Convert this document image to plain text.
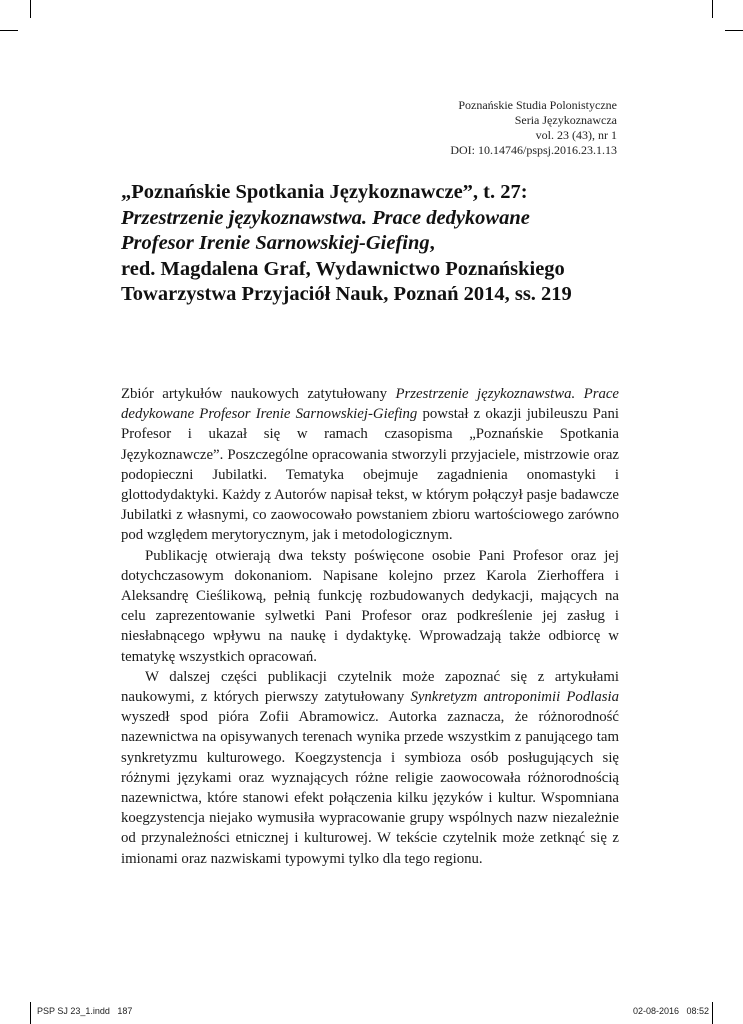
Poznańskie Studia Polonistyczne
Seria Językoznawcza
vol. 23 (43), nr 1
DOI: 10.14746/pspsj.2016.23.1.13
„Poznańskie Spotkania Językoznawcze”, t. 27:
Przestrzenie językoznawstwa. Prace dedykowane
Profesor Irenie Sarnowskiej-Giefing,
red. Magdalena Graf, Wydawnictwo Poznańskiego
Towarzystwa Przyjaciół Nauk, Poznań 2014, ss. 219

Zbiór artykułów naukowych zatytułowany Przestrzenie językoznawstwa. Prace dedykowane Profesor Irenie Sarnowskiej-Giefing powstał z okazji jubileuszu Pani Profesor i ukazał się w ramach czasopisma „Poznańskie Spotkania Językoznawcze”. Poszczególne opracowania stworzyli przyjaciele, mistrzowie oraz podopieczni Jubilatki. Tematyka obejmuje zagadnienia onomastyki i glottodydaktyki. Każdy z Autorów napisał tekst, w którym połączył pasje badawcze Jubilatki z własnymi, co zaowocowało powstaniem zbioru wartościowego zarówno pod względem merytorycznym, jak i metodologicznym.

Publikację otwierają dwa teksty poświęcone osobie Pani Profesor oraz jej dotychczasowym dokonaniom. Napisane kolejno przez Karola Zierhoffera i Aleksandrę Cieślikową, pełnią funkcję rozbudowanych dedykacji, mających na celu zaprezentowanie sylwetki Pani Profesor oraz podkreślenie jej zasług i niesłabnącego wpływu na naukę i dydaktykę. Wprowadzają także odbiorcę w tematykę wszystkich opracowań.

W dalszej części publikacji czytelnik może zapoznać się z artykułami naukowymi, z których pierwszy zatytułowany Synkretyzm antroponimii Podlasia wyszedł spod pióra Zofii Abramowicz. Autorka zaznacza, że różnorodność nazewnictwa na opisywanych terenach wynika przede wszystkim z panującego tam synkretyzmu kulturowego. Koegzystencja i symbioza osób posługujących się różnymi językami oraz wyznających różne religie zaowocowała różnorodnością nazewnictwa, które stanowi efekt połączenia kilku języków i kultur. Wspomniana koegzystencja niejako wymusiła wypracowanie grupy wspólnych nazw niezależnie od przynależności etnicznej i kulturowej. W tekście czytelnik może zetknąć się z imionami oraz nazwiskami typowymi tylko dla tego regionu.

PSP SJ 23_1.indd   187	02-08-2016   08:52
